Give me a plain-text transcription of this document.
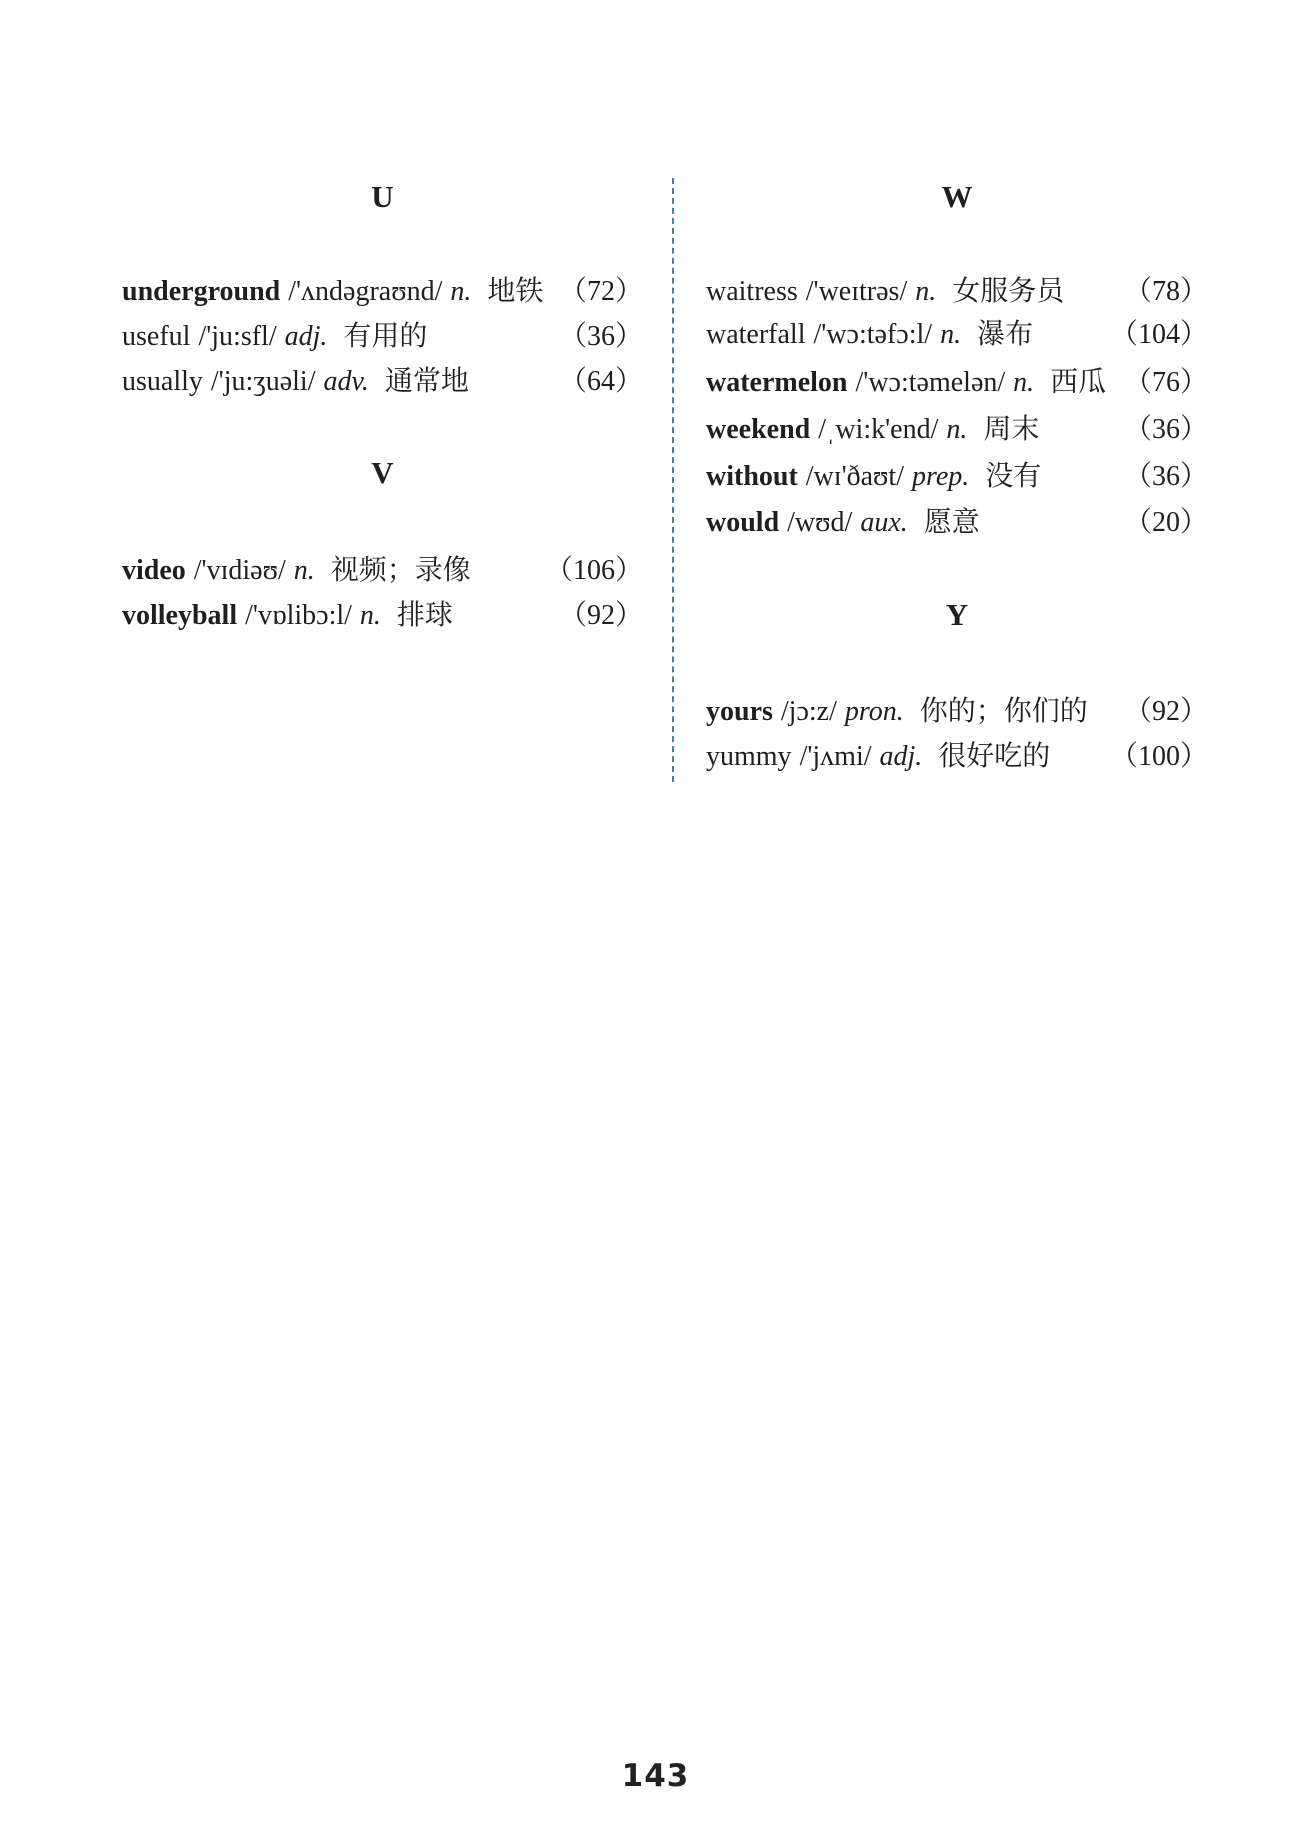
U
underground /'ʌndəgraʊnd/ n. 地铁 （72）
useful /'ju:sfl/ adj. 有用的	（36）
usually /'ju:ʒuəli/ adv. 通常地	（64）
V
video /'vɪdiəʊ/ n. 视频；录像	（106）
volleyball /'vɒlibɔ:l/ n. 排球	（92）
W
waitress /'weɪtrəs/ n. 女服务员 （78）
waterfall /'wɔ:təfɔ:l/ n. 瀑布	（104）
watermelon /'wɔ:təmelən/ n. 西瓜 （76）
weekend /ˌwi:k'end/ n. 周末	（36）
without /wɪ'ðaʊt/ prep. 没有	（36）
would /wʊd/ aux. 愿意	（20）
Y
yours /jɔ:z/ pron. 你的；你们的 （92）
yummy /'jʌmi/ adj. 很好吃的 （100）
143
